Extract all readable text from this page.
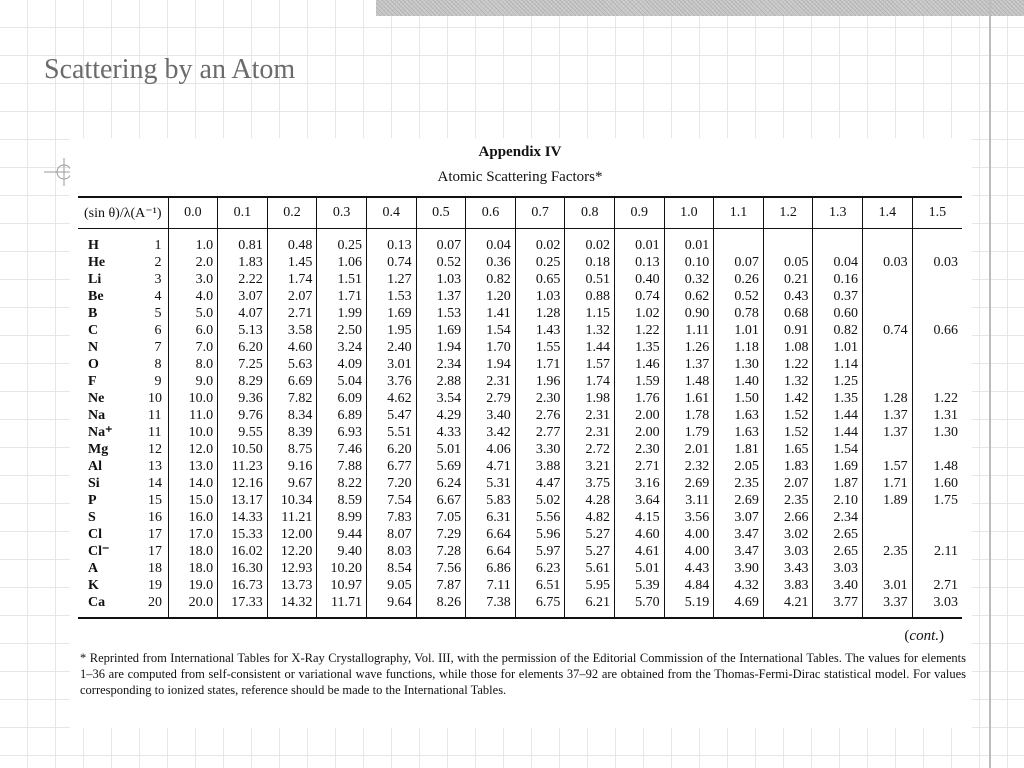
Scattering by an Atom
Appendix IV
Atomic Scattering Factors*
(sin θ)/λ(A⁻¹)		0.0	0.1	0.2	0.3	0.4	0.5	0.6	0.7	0.8	0.9	1.0	1.1	1.2	1.3	1.4	1.5
H	1	1.0	0.81	0.48	0.25	0.13	0.07	0.04	0.02	0.02	0.01	0.01					
He	2	2.0	1.83	1.45	1.06	0.74	0.52	0.36	0.25	0.18	0.13	0.10	0.07	0.05	0.04	0.03	0.03
Li	3	3.0	2.22	1.74	1.51	1.27	1.03	0.82	0.65	0.51	0.40	0.32	0.26	0.21	0.16		
Be	4	4.0	3.07	2.07	1.71	1.53	1.37	1.20	1.03	0.88	0.74	0.62	0.52	0.43	0.37		
B	5	5.0	4.07	2.71	1.99	1.69	1.53	1.41	1.28	1.15	1.02	0.90	0.78	0.68	0.60		
C	6	6.0	5.13	3.58	2.50	1.95	1.69	1.54	1.43	1.32	1.22	1.11	1.01	0.91	0.82	0.74	0.66
N	7	7.0	6.20	4.60	3.24	2.40	1.94	1.70	1.55	1.44	1.35	1.26	1.18	1.08	1.01		
O	8	8.0	7.25	5.63	4.09	3.01	2.34	1.94	1.71	1.57	1.46	1.37	1.30	1.22	1.14		
F	9	9.0	8.29	6.69	5.04	3.76	2.88	2.31	1.96	1.74	1.59	1.48	1.40	1.32	1.25		
Ne	10	10.0	9.36	7.82	6.09	4.62	3.54	2.79	2.30	1.98	1.76	1.61	1.50	1.42	1.35	1.28	1.22
Na	11	11.0	9.76	8.34	6.89	5.47	4.29	3.40	2.76	2.31	2.00	1.78	1.63	1.52	1.44	1.37	1.31
Na⁺	11	10.0	9.55	8.39	6.93	5.51	4.33	3.42	2.77	2.31	2.00	1.79	1.63	1.52	1.44	1.37	1.30
Mg	12	12.0	10.50	8.75	7.46	6.20	5.01	4.06	3.30	2.72	2.30	2.01	1.81	1.65	1.54		
Al	13	13.0	11.23	9.16	7.88	6.77	5.69	4.71	3.88	3.21	2.71	2.32	2.05	1.83	1.69	1.57	1.48
Si	14	14.0	12.16	9.67	8.22	7.20	6.24	5.31	4.47	3.75	3.16	2.69	2.35	2.07	1.87	1.71	1.60
P	15	15.0	13.17	10.34	8.59	7.54	6.67	5.83	5.02	4.28	3.64	3.11	2.69	2.35	2.10	1.89	1.75
S	16	16.0	14.33	11.21	8.99	7.83	7.05	6.31	5.56	4.82	4.15	3.56	3.07	2.66	2.34		
Cl	17	17.0	15.33	12.00	9.44	8.07	7.29	6.64	5.96	5.27	4.60	4.00	3.47	3.02	2.65		
Cl⁻	17	18.0	16.02	12.20	9.40	8.03	7.28	6.64	5.97	5.27	4.61	4.00	3.47	3.03	2.65	2.35	2.11
A	18	18.0	16.30	12.93	10.20	8.54	7.56	6.86	6.23	5.61	5.01	4.43	3.90	3.43	3.03		
K	19	19.0	16.73	13.73	10.97	9.05	7.87	7.11	6.51	5.95	5.39	4.84	4.32	3.83	3.40	3.01	2.71
Ca	20	20.0	17.33	14.32	11.71	9.64	8.26	7.38	6.75	6.21	5.70	5.19	4.69	4.21	3.77	3.37	3.03
(cont.)
* Reprinted from International Tables for X-Ray Crystallography, Vol. III, with the permission of the Editorial Commission of the International Tables. The values for elements 1–36 are computed from self-consistent or variational wave functions, while those for elements 37–92 are obtained from the Thomas-Fermi-Dirac statistical model. For values corresponding to ionized states, reference should be made to the International Tables.
